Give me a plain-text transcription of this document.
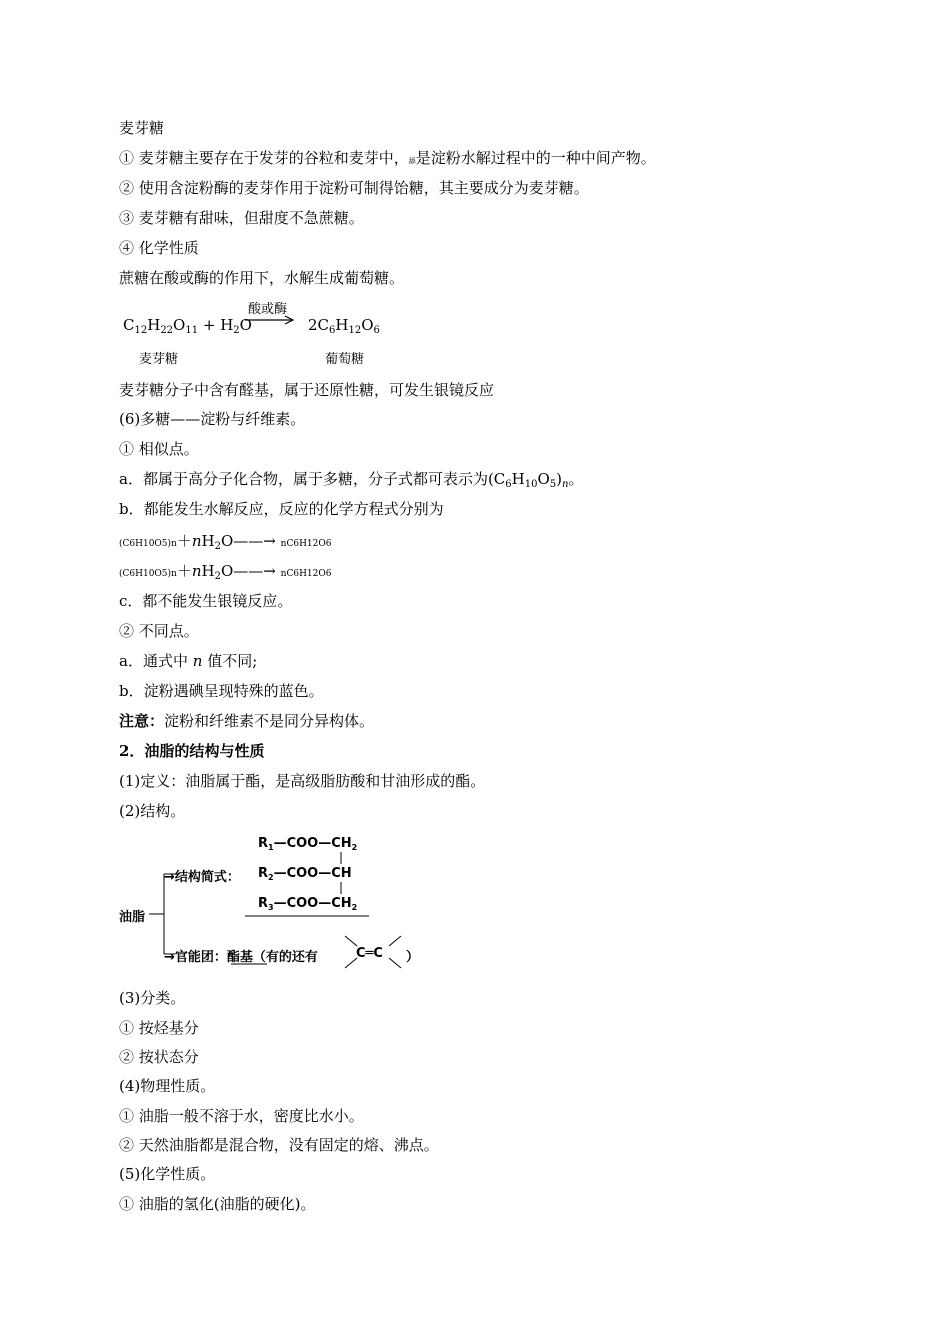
麦芽糖
① 麦芽糖主要存在于发芽的谷粒和麦芽中，舔是淀粉水解过程中的一种中间产物。
② 使用含淀粉酶的麦芽作用于淀粉可制得饴糖，其主要成分为麦芽糖。
③ 麦芽糖有甜味，但甜度不急蔗糖。
④ 化学性质
蔗糖在酸或酶的作用下，水解生成葡萄糖。
酸或酶
$C_{12}H_{22}O_{11} + H_2O$	$2C_6H_{12}O_6$
麦芽糖	葡萄糖
麦芽糖分子中含有醛基，属于还原性糖，可发生银镜反应
(6)多糖——淀粉与纤维素。
① 相似点。
a．都属于高分子化合物，属于多糖，分子式都可表示为$(C_6H_{10}O_5)_n$。
b．都能发生水解反应，反应的化学方程式分别为
$(C6H10O5)n+nH_2O——\to nC6H12O6$
$(C6H10O5)n+nH_2O——\to nC6H12O6$
c．都不能发生银镜反应。
② 不同点。
a．通式中 n 值不同;
b．淀粉遇碘呈现特殊的蓝色。
注意：淀粉和纤维素不是同分异构体。
2．油脂的结构与性质
(1)定义：油脂属于酯，是高级脂肪酸和甘油形成的酯。
(2)结构。
油脂
→结构简式：
→官能团：酯基（有的还有	C═C ）
$R_1—COO—CH_2$
$R_2—COO—CH$
$R_3—COO—CH_2$
(3)分类。
① 按烃基分
② 按状态分
(4)物理性质。
① 油脂一般不溶于水，密度比水小。
② 天然油脂都是混合物，没有固定的熔、沸点。
(5)化学性质。
① 油脂的氢化(油脂的硬化)。
